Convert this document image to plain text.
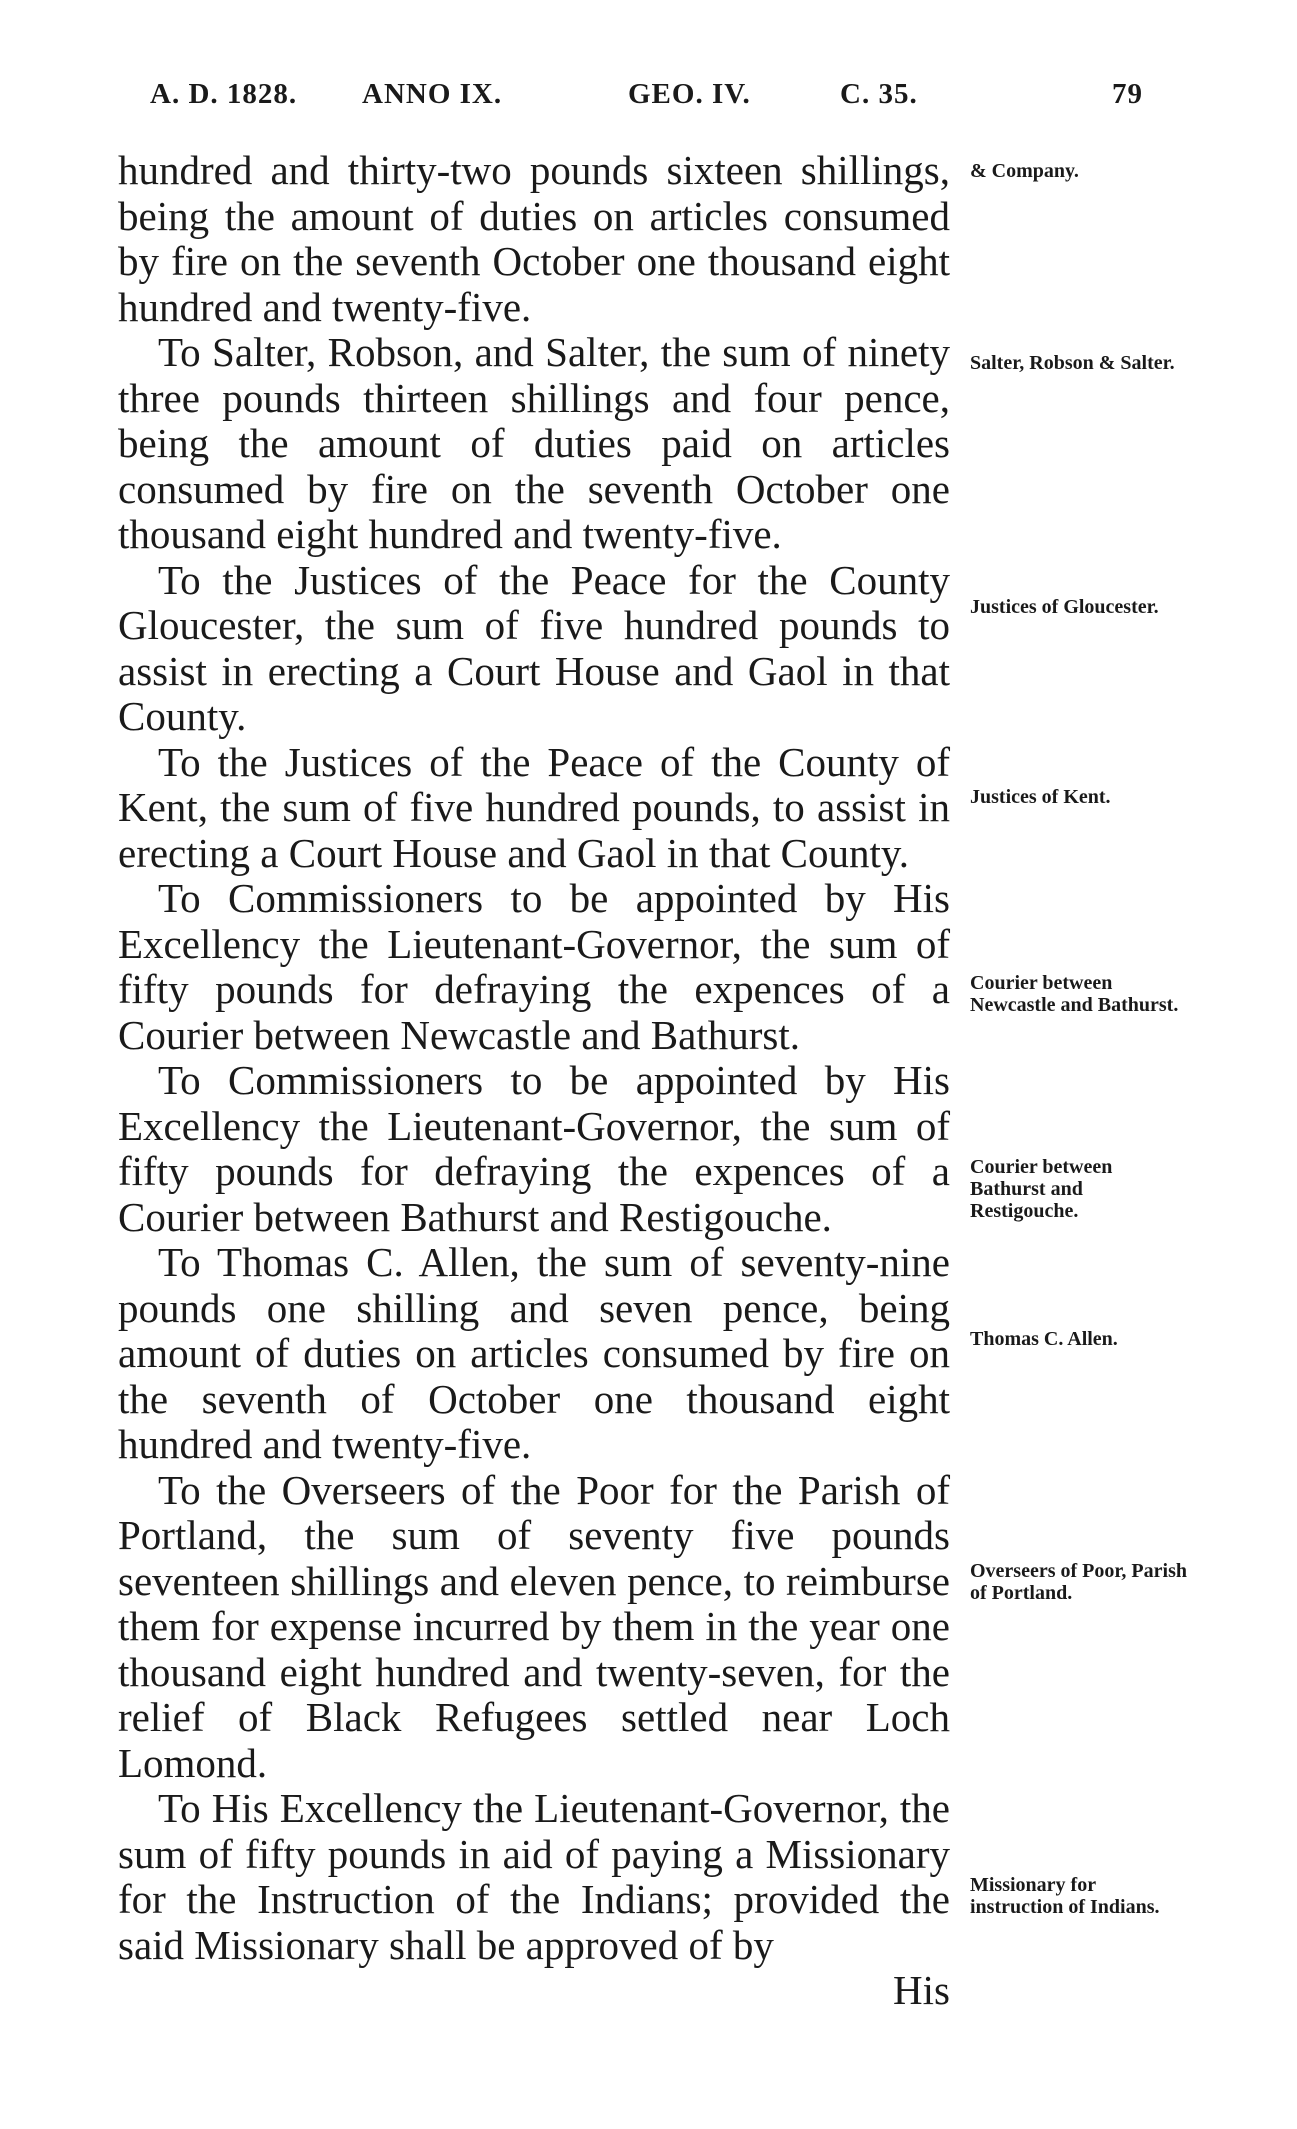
A. D. 1828. ANNO IX.	GEO. IV.	C. 35.	79

hundred and thirty-two pounds sixteen shillings, being the amount of duties on articles consumed by fire on the seventh October one thousand eight hundred and twenty-five.

To Salter, Robson, and Salter, the sum of ninety three pounds thirteen shillings and four pence, being the amount of duties paid on articles consumed by fire on the seventh October one thousand eight hundred and twenty-five.

To the Justices of the Peace for the County Gloucester, the sum of five hundred pounds to assist in erecting a Court House and Gaol in that County.

To the Justices of the Peace of the County of Kent, the sum of five hundred pounds, to assist in erecting a Court House and Gaol in that County.

To Commissioners to be appointed by His Excellency the Lieutenant-Governor, the sum of fifty pounds for defraying the expences of a Courier between Newcastle and Bathurst.

To Commissioners to be appointed by His Excellency the Lieutenant-Governor, the sum of fifty pounds for defraying the expences of a Courier between Bathurst and Restigouche.

To Thomas C. Allen, the sum of seventy-nine pounds one shilling and seven pence, being amount of duties on articles consumed by fire on the seventh of October one thousand eight hundred and twenty-five.

To the Overseers of the Poor for the Parish of Portland, the sum of seventy five pounds seventeen shillings and eleven pence, to reimburse them for expense incurred by them in the year one thousand eight hundred and twenty-seven, for the relief of Black Refugees settled near Loch Lomond.

To His Excellency the Lieutenant-Governor, the sum of fifty pounds in aid of paying a Missionary for the Instruction of the Indians; provided the said Missionary shall be approved of by

His

& Company.
Salter, Robson & Salter.
Justices of Gloucester.
Justices of Kent.
Courier between Newcastle and Bathurst.
Courier between Bathurst and Restigouche.
Thomas C. Allen.
Overseers of Poor, Parish of Portland.
Missionary for instruction of Indians.
